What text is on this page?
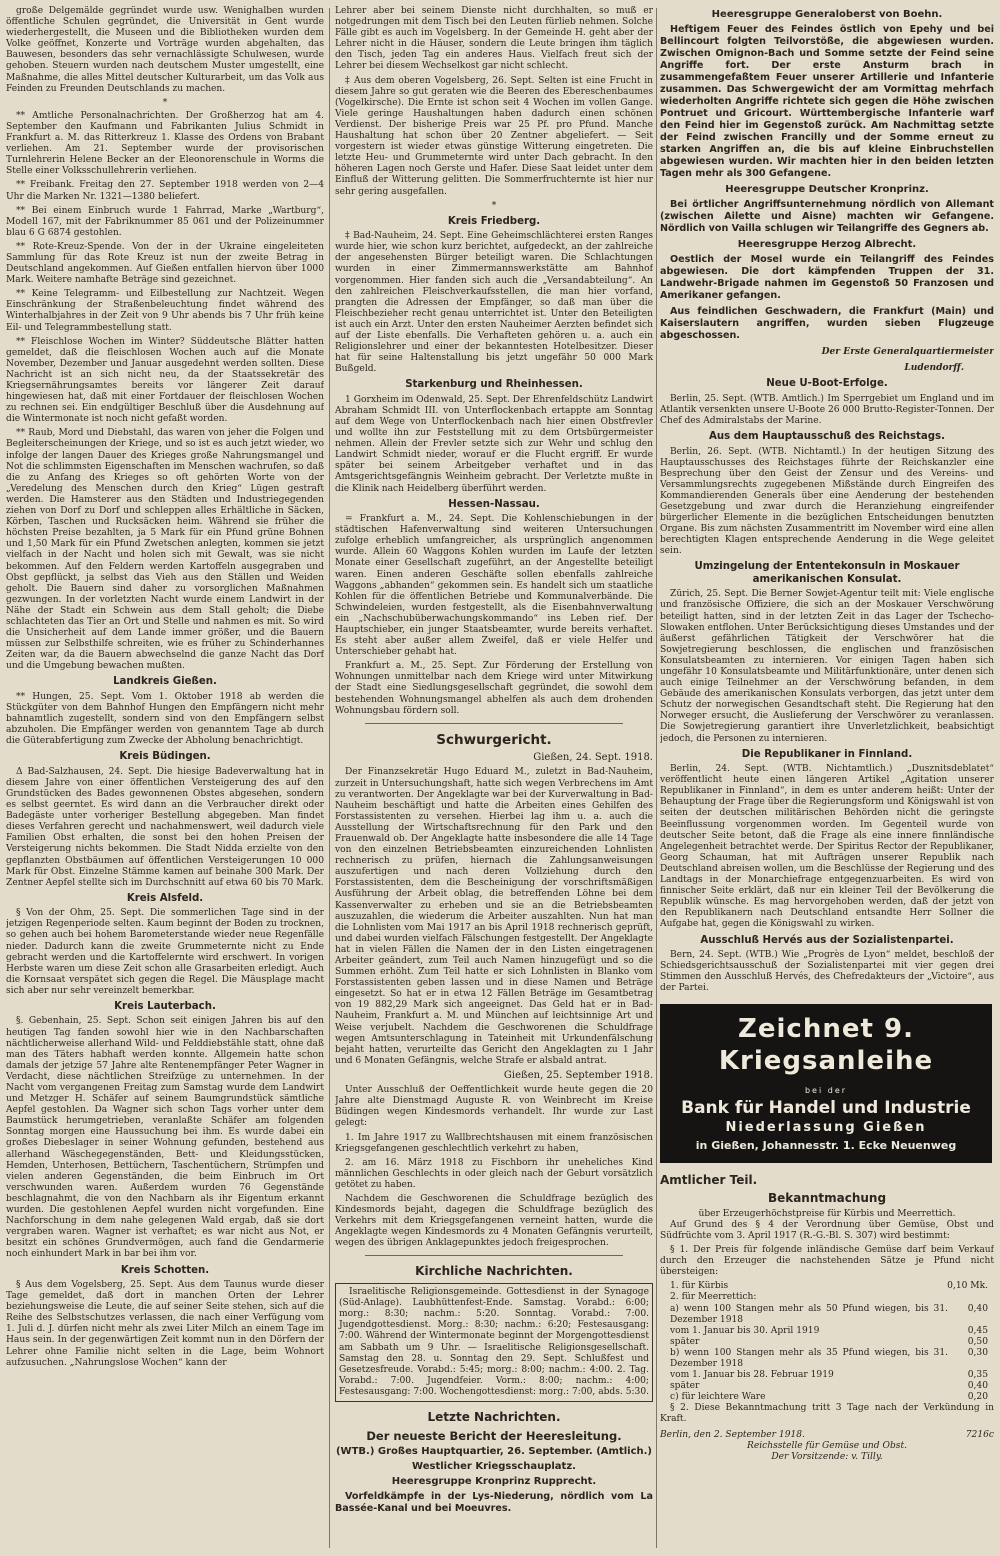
große Delgemälde gegründet wurde usw. Wenighalben wurden öffentliche Schulen gegründet, die Universität in Gent wurde wiederhergestellt, die Museen und die Bibliotheken wurden dem Volke geöffnet, Konzerte und Vorträge wurden abgehalten, das Bauwesen, besonders das sehr vernachlässigte Schulwesen, wurde gehoben. Steuern wurden nach deutschem Muster umgestellt, eine Maßnahme, die alles Mittel deutscher Kulturarbeit, um das Volk aus Feinden zu Freunden Deutschlands zu machen.

*

** Amtliche Personalnachrichten. Der Großherzog hat am 4. September den Kaufmann und Fabrikanten Julius Schmidt in Frankfurt a. M. das Ritterkreuz 1. Klasse des Ordens von Brabant verliehen. Am 21. September wurde der provisorischen Turnlehrerin Helene Becker an der Eleonorenschule in Worms die Stelle einer Volksschullehrerin verliehen.

** Freibank. Freitag den 27. September 1918 werden von 2—4 Uhr die Marken Nr. 1321—1380 beliefert.

** Bei einem Einbruch wurde 1 Fahrrad, Marke „Wartburg“, Modell 167, mit der Fabriknummer 85 061 und der Polizeinummer blau 6 G 6874 gestohlen.

** Rote-Kreuz-Spende. Von der in der Ukraine eingeleiteten Sammlung für das Rote Kreuz ist nun der zweite Betrag in Deutschland angekommen. Auf Gießen entfallen hiervon über 1000 Mark. Weitere namhafte Beträge sind gezeichnet.

** Keine Telegramm- und Eilbestellung zur Nachtzeit. Wegen Einschränkung der Straßenbeleuchtung findet während des Winterhalbjahres in der Zeit von 9 Uhr abends bis 7 Uhr früh keine Eil- und Telegrammbestellung statt.

** Fleischlose Wochen im Winter? Süddeutsche Blätter hatten gemeldet, daß die fleischlosen Wochen auch auf die Monate November, Dezember und Januar ausgedehnt werden sollten. Diese Nachricht ist an sich nicht neu, da der Staatssekretär des Kriegsernährungsamtes bereits vor längerer Zeit darauf hingewiesen hat, daß mit einer Fortdauer der fleischlosen Wochen zu rechnen sei. Ein endgültiger Beschluß über die Ausdehnung auf die Wintermonate ist noch nicht gefaßt worden.

** Raub, Mord und Diebstahl, das waren von jeher die Folgen und Begleiterscheinungen der Kriege, und so ist es auch jetzt wieder, wo infolge der langen Dauer des Krieges große Nahrungsmangel und Not die schlimmsten Eigenschaften im Menschen wachrufen, so daß die zu Anfang des Krieges so oft gehörten Worte von der „Veredelung des Menschen durch den Krieg“ Lügen gestraft werden. Die Hamsterer aus den Städten und Industriegegenden ziehen von Dorf zu Dorf und schleppen alles Erhältliche in Säcken, Körben, Taschen und Rucksäcken heim. Während sie früher die höchsten Preise bezahlten, ja 5 Mark für ein Pfund grüne Bohnen und 1,50 Mark für ein Pfund Zwetschen anlegten, kommen sie jetzt vielfach in der Nacht und holen sich mit Gewalt, was sie nicht bekommen. Auf den Feldern werden Kartoffeln ausgegraben und Obst gepflückt, ja selbst das Vieh aus den Ställen und Weiden geholt. Die Bauern sind daher zu vorsorglichen Maßnahmen gezwungen. In der vorletzten Nacht wurde einem Landwirt in der Nähe der Stadt ein Schwein aus dem Stall geholt; die Diebe schlachteten das Tier an Ort und Stelle und nahmen es mit. So wird die Unsicherheit auf dem Lande immer größer, und die Bauern müssen zur Selbsthilfe schreiten, wie es früher zu Schinderhannes Zeiten war, da die Bauern abwechselnd die ganze Nacht das Dorf und die Umgebung bewachen mußten.

Landkreis Gießen.

** Hungen, 25. Sept. Vom 1. Oktober 1918 ab werden die Stückgüter von dem Bahnhof Hungen den Empfängern nicht mehr bahnamtlich zugestellt, sondern sind von den Empfängern selbst abzuholen. Die Empfänger werden von genanntem Tage ab durch die Güterabfertigung zum Zwecke der Abholung benachrichtigt.

Kreis Büdingen.

Δ Bad-Salzhausen, 24. Sept. Die hiesige Badeverwaltung hat in diesem Jahre von einer öffentlichen Versteigerung des auf den Grundstücken des Bades gewonnenen Obstes abgesehen, sondern es selbst geerntet. Es wird dann an die Verbraucher direkt oder Badegäste unter vorheriger Bestellung abgegeben. Man findet dieses Verfahren gerecht und nachahmenswert, weil dadurch viele Familien Obst erhalten, die sonst bei den hohen Preisen der Versteigerung nichts bekommen. Die Stadt Nidda erzielte von den gepflanzten Obstbäumen auf öffentlichen Versteigerungen 10 000 Mark für Obst. Einzelne Stämme kamen auf beinahe 300 Mark. Der Zentner Aepfel stellte sich im Durchschnitt auf etwa 60 bis 70 Mark.

Kreis Alsfeld.

§ Von der Ohm, 25. Sept. Die sommerlichen Tage sind in der jetzigen Regenperiode selten. Kaum beginnt der Boden zu trocknen, so gehen auch bei hohem Barometerstande wieder neue Regenfälle nieder. Dadurch kann die zweite Grummeternte nicht zu Ende gebracht werden und die Kartoffelernte wird erschwert. In vorigen Herbste waren um diese Zeit schon alle Grasarbeiten erledigt. Auch die Kornsaat verspätet sich gegen die Regel. Die Mäusplage macht sich aber nur sehr vereinzelt bemerkbar.

Kreis Lauterbach.

§. Gebenhain, 25. Sept. Schon seit einigen Jahren bis auf den heutigen Tag fanden sowohl hier wie in den Nachbarschaften nächtlicherweise allerhand Wild- und Felddiebstähle statt, ohne daß man des Täters habhaft werden konnte. Allgemein hatte schon damals der jetzige 57 Jahre alte Rentenempfänger Peter Wagner in Verdacht, diese nächtlichen Streifzüge zu unternehmen. In der Nacht vom vergangenen Freitag zum Samstag wurde dem Landwirt und Metzger H. Schäfer auf seinem Baumgrundstück sämtliche Aepfel gestohlen. Da Wagner sich schon Tags vorher unter dem Baumstück herumgetrieben, veranlaßte Schäfer am folgenden Sonntag morgen eine Haussuchung bei ihm. Es wurde dabei ein großes Diebeslager in seiner Wohnung gefunden, bestehend aus allerhand Wäschegegenständen, Bett- und Kleidungsstücken, Hemden, Unterhosen, Bettüchern, Taschentüchern, Strümpfen und vielen anderen Gegenständen, die beim Einbruch im Ort verschwunden waren. Außerdem wurden 76 Gegenstände beschlagnahmt, die von den Nachbarn als ihr Eigentum erkannt wurden. Die gestohlenen Aepfel wurden nicht vorgefunden. Eine Nachforschung in dem nahe gelegenen Wald ergab, daß sie dort vergraben waren. Wagner ist verhaftet; es war nicht aus Not, er besitzt ein schönes Grundvermögen, auch fand die Gendarmerie noch einhundert Mark in bar bei ihm vor.

Kreis Schotten.

§ Aus dem Vogelsberg, 25. Sept. Aus dem Taunus wurde dieser Tage gemeldet, daß dort in manchen Orten der Lehrer beziehungsweise die Leute, die auf seiner Seite stehen, sich auf die Reihe des Selbstschutzes verlassen, die nach einer Verfügung vom 1. Juli d. J. dürfen nicht mehr als zwei Liter Milch an einem Tage im Haus sein. In der gegenwärtigen Zeit kommt nun in den Dörfern der Lehrer ohne Familie nicht selten in die Lage, beim Wohnort aufzusuchen. „Nahrungslose Wochen“ kann der

Lehrer aber bei seinem Dienste nicht durchhalten, so muß er notgedrungen mit dem Tisch bei den Leuten fürlieb nehmen. Solche Fälle gibt es auch im Vogelsberg. In der Gemeinde H. geht aber der Lehrer nicht in die Häuser, sondern die Leute bringen ihm täglich den Tisch, jeden Tag ein anderes Haus. Vielfach freut sich der Lehrer bei diesem Wechselkost gar nicht schlecht.

‡ Aus dem oberen Vogelsberg, 26. Sept. Selten ist eine Frucht in diesem Jahre so gut geraten wie die Beeren des Ebereschenbaumes (Vogelkirsche). Die Ernte ist schon seit 4 Wochen im vollen Gange. Viele geringe Haushaltungen haben dadurch einen schönen Verdienst. Der bisherige Preis war 25 Pf. pro Pfund. Manche Haushaltung hat schon über 20 Zentner abgeliefert. — Seit vorgestern ist wieder etwas günstige Witterung eingetreten. Die letzte Heu- und Grummeternte wird unter Dach gebracht. In den höheren Lagen noch Gerste und Hafer. Diese Saat leidet unter dem Einfluß der Witterung gelitten. Die Sommerfruchternte ist hier nur sehr gering ausgefallen.

*
Kreis Friedberg.

‡ Bad-Nauheim, 24. Sept. Eine Geheimschlächterei ersten Ranges wurde hier, wie schon kurz berichtet, aufgedeckt, an der zahlreiche der angesehensten Bürger beteiligt waren. Die Schlachtungen wurden in einer Zimmermannswerkstätte am Bahnhof vorgenommen. Hier fanden sich auch die „Versandabteilung“. An den zahlreichen Fleischverkaufsstellen, die man hier vorfand, prangten die Adressen der Empfänger, so daß man über die Fleischbezieher recht genau unterrichtet ist. Unter den Beteiligten ist auch ein Arzt. Unter den ersten Nauheimer Aerzten befindet sich auf der Liste ebenfalls. Die Verhafteten gehören u. a. auch ein Religionslehrer und einer der bekanntesten Hotelbesitzer. Dieser hat für seine Haltenstallung bis jetzt ungefähr 50 000 Mark Bußgeld.

Starkenburg und Rheinhessen.

1 Gorxheim im Odenwald, 25. Sept. Der Ehrenfeldschütz Landwirt Abraham Schmidt III. von Unterflockenbach ertappte am Sonntag auf dem Wege von Unterflockenbach nach hier einen Obstfrevler und wollte ihn zur Feststellung mit zu dem Ortsbürgermeister nehmen. Allein der Frevler setzte sich zur Wehr und schlug den Landwirt Schmidt nieder, worauf er die Flucht ergriff. Er wurde später bei seinem Arbeitgeber verhaftet und in das Amtsgerichtsgefängnis Weinheim gebracht. Der Verletzte mußte in die Klinik nach Heidelberg überführt werden.

Hessen-Nassau.

= Frankfurt a. M., 24. Sept. Die Kohlenschiebungen in der städtischen Hafenverwaltung sind weiteren Untersuchungen zufolge erheblich umfangreicher, als ursprünglich angenommen wurde. Allein 60 Waggons Kohlen wurden im Laufe der letzten Monate einer Gesellschaft zugeführt, an der Angestellte beteiligt waren. Einen anderen Geschäfte sollen ebenfalls zahlreiche Waggons „abhanden“ gekommen sein. Es handelt sich um staatliche Kohlen für die öffentlichen Betriebe und Kommunalverbände. Die Schwindeleien, wurden festgestellt, als die Eisenbahnverwaltung ein „Nachschubüberwachungskommando“ ins Leben rief. Der Hauptschieber, ein junger Staatsbeamter, wurde bereits verhaftet. Es steht aber außer allem Zweifel, daß er viele Helfer und Unterschieber gehabt hat.

Frankfurt a. M., 25. Sept. Zur Förderung der Erstellung von Wohnungen unmittelbar nach dem Kriege wird unter Mitwirkung der Stadt eine Siedlungsgesellschaft gegründet, die sowohl dem bestehenden Wohnungsmangel abhelfen als auch dem drohenden Wohnungsbau fördern soll.

Schwurgericht.
Gießen, 24. Sept. 1918.

Der Finanzsekretär Hugo Eduard M., zuletzt in Bad-Nauheim, zurzeit in Untersuchungshaft, hatte sich wegen Verbrechens im Amt zu verantworten. Der Angeklagte war bei der Kurverwaltung in Bad-Nauheim beschäftigt und hatte die Arbeiten eines Gehilfen des Forstassistenten zu versehen. Hierbei lag ihm u. a. auch die Ausstellung der Wirtschaftsrechnung für den Park und den Frauenwald ob. Der Angeklagte hatte insbesondere die alle 14 Tage von den einzelnen Betriebsbeamten einzureichenden Lohnlisten rechnerisch zu prüfen, hiernach die Zahlungsanweisungen auszufertigen und nach deren Vollziehung durch den Forstassistenten, dem die Bescheinigung der vorschriftsmäßigen Ausführung der Arbeit oblag, die betreffenden Löhne bei dem Kassenverwalter zu erheben und sie an die Betriebsbeamten auszuzahlen, die wiederum die Arbeiter auszahlten. Nun hat man die Lohnlisten vom Mai 1917 an bis April 1918 rechnerisch geprüft, und dabei wurden vielfach Fälschungen festgestellt. Der Angeklagte hat in vielen Fällen die Namen der in den Listen eingetragenen Arbeiter geändert, zum Teil auch Namen hinzugefügt und so die Summen erhöht. Zum Teil hatte er sich Lohnlisten in Blanko vom Forstassistenten geben lassen und in diese Namen und Beträge eingesetzt. So hat er in etwa 12 Fällen Beträge im Gesamtbetrag von 19 882,29 Mark sich angeeignet. Das Geld hat er in Bad-Nauheim, Frankfurt a. M. und München auf leichtsinnige Art und Weise verjubelt. Nachdem die Geschworenen die Schuldfrage wegen Amtsunterschlagung in Tateinheit mit Urkundenfälschung bejaht hatten, verurteilte das Gericht den Angeklagten zu 1 Jahr und 6 Monaten Gefängnis, welche Strafe er alsbald antrat.

Gießen, 25. September 1918.

Unter Ausschluß der Oeffentlichkeit wurde heute gegen die 20 Jahre alte Dienstmagd Auguste R. von Weinbrecht im Kreise Büdingen wegen Kindesmords verhandelt. Ihr wurde zur Last gelegt:

1. Im Jahre 1917 zu Wallbrechtshausen mit einem französischen Kriegsgefangenen geschlechtlich verkehrt zu haben,

2. am 16. März 1918 zu Fischborn ihr uneheliches Kind männlichen Geschlechts in oder gleich nach der Geburt vorsätzlich getötet zu haben.

Nachdem die Geschworenen die Schuldfrage bezüglich des Kindesmords bejaht, dagegen die Schuldfrage bezüglich des Verkehrs mit dem Kriegsgefangenen verneint hatten, wurde die Angeklagte wegen Kindesmords zu 4 Monaten Gefängnis verurteilt, wegen des übrigen Anklagepunktes jedoch freigesprochen.

Kirchliche Nachrichten.

Israelitische Religionsgemeinde. Gottesdienst in der Synagoge (Süd-Anlage). Laubhüttenfest-Ende. Samstag. Vorabd.: 6:00; morg.: 8:30; nachm.: 5:20. Sonntag. Vorabd.: 7:00. Jugendgottesdienst. Morg.: 8:30; nachm.: 6:20; Festesausgang: 7:00. Während der Wintermonate beginnt der Morgengottesdienst am Sabbath um 9 Uhr. — Israelitische Religionsgesellschaft. Samstag den 28. u. Sonntag den 29. Sept. Schlußfest und Gesetzesfreude. Vorabd.: 5:45; morg.: 8:00; nachm.: 4:00. 2. Tag. Vorabd.: 7:00. Jugendfeier. Vorm.: 8:00; nachm.: 4:00; Festesausgang: 7:00. Wochengottesdienst: morg.: 7:00, abds. 5:30.

Letzte Nachrichten.
Der neueste Bericht der Heeresleitung.
(WTB.) Großes Hauptquartier, 26. September. (Amtlich.)
Westlicher Kriegsschauplatz.
Heeresgruppe Kronprinz Rupprecht.

Vorfeldkämpfe in der Lys-Niederung, nördlich vom La Bassée-Kanal und bei Moeuvres.

Heeresgruppe Generaloberst von Boehn.

Heftigem Feuer des Feindes östlich von Epehy und bei Bellincourt folgten Teilvorstöße, die abgewiesen wurden. Zwischen Omignon-Bach und Somme setzte der Feind seine Angriffe fort. Der erste Ansturm brach in zusammengefaßtem Feuer unserer Artillerie und Infanterie zusammen. Das Schwergewicht der am Vormittag mehrfach wiederholten Angriffe richtete sich gegen die Höhe zwischen Pontruet und Gricourt. Württembergische Infanterie warf den Feind hier im Gegenstoß zurück. Am Nachmittag setzte der Feind zwischen Francilly und der Somme erneut zu starken Angriffen an, die bis auf kleine Einbruchstellen abgewiesen wurden. Wir machten hier in den beiden letzten Tagen mehr als 300 Gefangene.

Heeresgruppe Deutscher Kronprinz.

Bei örtlicher Angriffsunternehmung nördlich von Allemant (zwischen Ailette und Aisne) machten wir Gefangene. Nördlich von Vailla schlugen wir Teilangriffe des Gegners ab.

Heeresgruppe Herzog Albrecht.

Oestlich der Mosel wurde ein Teilangriff des Feindes abgewiesen. Die dort kämpfenden Truppen der 31. Landwehr-Brigade nahmen im Gegenstoß 50 Franzosen und Amerikaner gefangen.

Aus feindlichen Geschwadern, die Frankfurt (Main) und Kaiserslautern angriffen, wurden sieben Flugzeuge abgeschossen.

Der Erste Generalquartiermeister
Ludendorff.
Neue U-Boot-Erfolge.

Berlin, 25. Sept. (WTB. Amtlich.) Im Sperrgebiet um England und im Atlantik versenkten unsere U-Boote 26 000 Brutto-Register-Tonnen. Der Chef des Admiralstabs der Marine.

Aus dem Hauptausschuß des Reichstags.

Berlin, 26. Sept. (WTB. Nichtamtl.) In der heutigen Sitzung des Hauptausschusses des Reichstages führte der Reichskanzler eine Besprechung über den Geist der Zensur und des Vereins- und Versammlungsrechts zugegebenen Mißstände durch Eingreifen des Kommandierenden Generals über eine Aenderung der bestehenden Gesetzgebung und zwar durch die Heranziehung eingreifender bürgerlicher Elemente in die bezüglichen Entscheidungen benutzten Organe. Bis zum nächsten Zusammentritt im November wird eine allen berechtigten Klagen entsprechende Aenderung in die Wege geleitet sein.

Umzingelung der Ententekonsuln in Moskauer amerikanischen Konsulat.

Zürich, 25. Sept. Die Berner Sowjet-Agentur teilt mit: Viele englische und französische Offiziere, die sich an der Moskauer Verschwörung beteiligt hatten, sind in der letzten Zeit in das Lager der Tschecho-Slowaken entflohen. Unter Berücksichtigung dieses Umstandes und der äußerst gefährlichen Tätigkeit der Verschwörer hat die Sowjetregierung beschlossen, die englischen und französischen Konsulatsbeamten zu internieren. Vor einigen Tagen haben sich ungefähr 10 Konsulatsbeamte und Militärfunktionäre, unter denen sich auch einige Teilnehmer an der Verschwörung befanden, in dem Gebäude des amerikanischen Konsulats verborgen, das jetzt unter dem Schutz der norwegischen Gesandtschaft steht. Die Regierung hat den Norweger ersucht, die Auslieferung der Verschwörer zu veranlassen. Die Sowjetregierung garantiert ihre Unverletzlichkeit, beabsichtigt jedoch, die Personen zu internieren.

Die Republikaner in Finnland.

Berlin, 24. Sept. (WTB. Nichtamtlich.) „Dusznitsdeblatet“ veröffentlicht heute einen längeren Artikel „Agitation unserer Republikaner in Finnland“, in dem es unter anderem heißt: Unter der Behauptung der Frage über die Regierungsform und Königswahl ist von seiten der deutschen militärischen Behörden nicht die geringste Beeinflussung vorgenommen worden. Im Gegenteil wurde von deutscher Seite betont, daß die Frage als eine innere finnländische Angelegenheit betrachtet werde. Der Spiritus Rector der Republikaner, Georg Schauman, hat mit Aufträgen unserer Republik nach Deutschland abreisen wollen, um die Beschlüsse der Regierung und des Landtags in der Monarchiefrage entgegenzuarbeiten. Es wird von finnischer Seite erklärt, daß nur ein kleiner Teil der Bevölkerung die Republik wünsche. Es mag hervorgehoben werden, daß der jetzt von den Republikanern nach Deutschland entsandte Herr Sollner die Aufgabe hat, gegen die Königswahl zu wirken.

Ausschluß Hervés aus der Sozialistenpartei.

Bern, 24. Sept. (WTB.) Wie „Progrès de Lyon“ meldet, beschloß der Schiedsgerichtsausschuß der Sozialistenpartei mit vier gegen drei Stimmen den Ausschluß Hervés, des Chefredakteurs der „Victoire“, aus der Partei.

Zeichnet 9. Kriegsanleihe
bei der
Bank für Handel und Industrie
Niederlassung Gießen
in Gießen, Johannesstr. 1. Ecke Neuenweg
Amtlicher Teil.
Bekanntmachung
über Erzeugerhöchstpreise für Kürbis und Meerrettich.

Auf Grund des § 4 der Verordnung über Gemüse, Obst und Südfrüchte vom 3. April 1917 (R.-G.-Bl. S. 307) wird bestimmt:

§ 1. Der Preis für folgende inländische Gemüse darf beim Verkauf durch den Erzeuger die nachstehenden Sätze je Pfund nicht übersteigen:

1. für Kürbis	0,10 Mk.
2. für Meerrettich:
a) wenn 100 Stangen mehr als 50 Pfund wiegen, bis 31. Dezember 1918
0,40
vom 1. Januar bis 30. April 1919	0,45
später	0,50
b) wenn 100 Stangen mehr als 35 Pfund wiegen, bis 31. Dezember 1918
0,30
vom 1. Januar bis 28. Februar 1919	0,35
später	0,40
c) für leichtere Ware	0,20

§ 2. Diese Bekanntmachung tritt 3 Tage nach der Verkündung in Kraft.

Berlin, den 2. September 1918.	7216c
Reichsstelle für Gemüse und Obst.
Der Vorsitzende: v. Tilly.
